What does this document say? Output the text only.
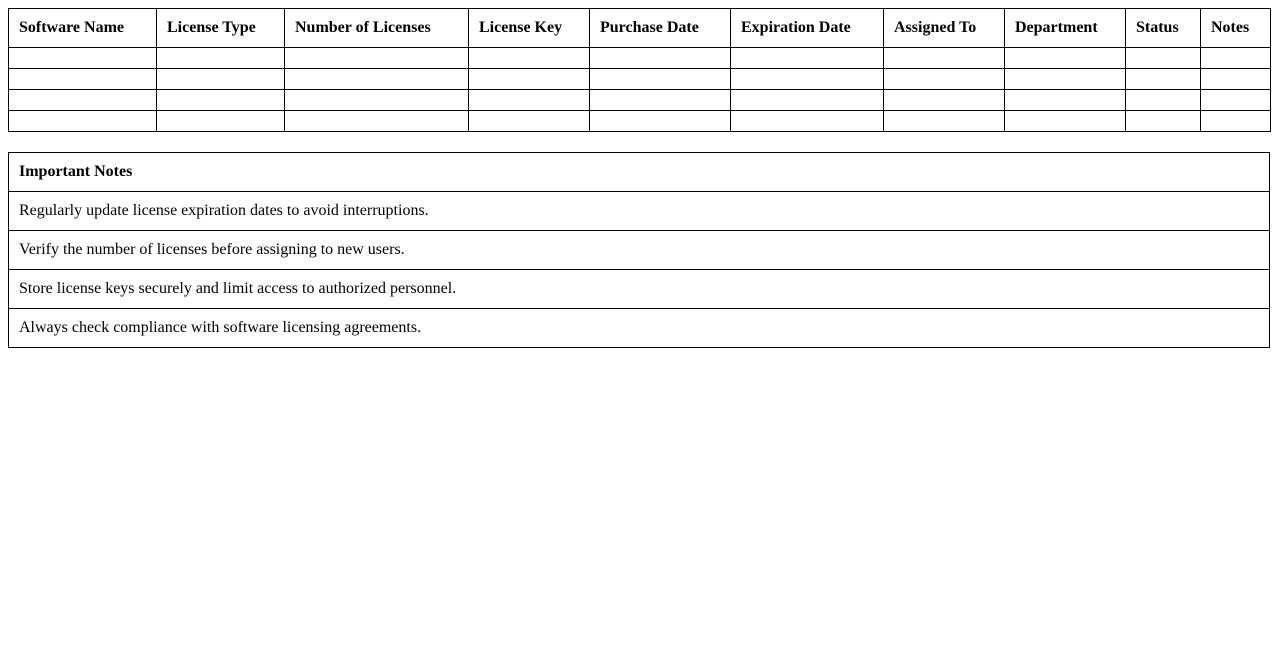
Software Name	License Type	Number of Licenses	License Key	Purchase Date	Expiration Date	Assigned To	Department	Status	Notes

Important Notes
Regularly update license expiration dates to avoid interruptions.
Verify the number of licenses before assigning to new users.
Store license keys securely and limit access to authorized personnel.
Always check compliance with software licensing agreements.
